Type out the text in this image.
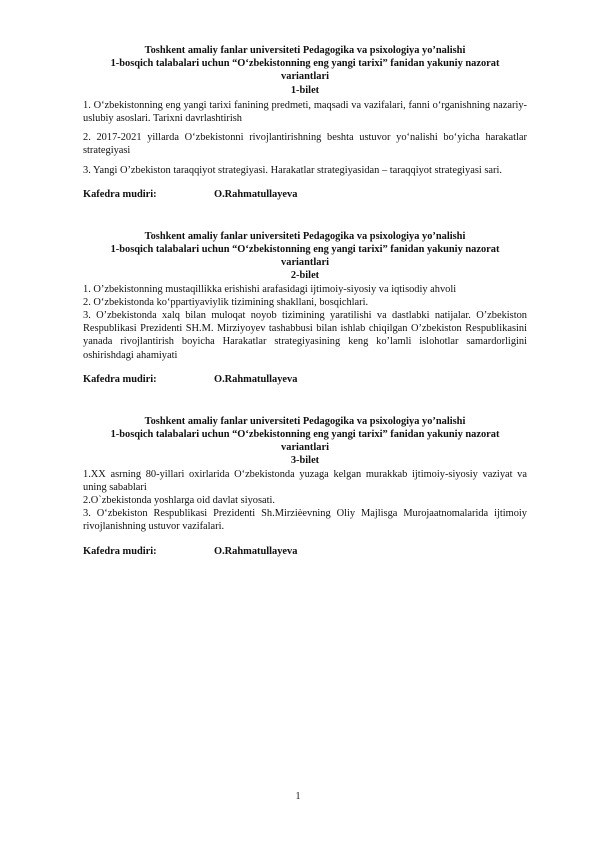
Toshkent amaliy fanlar universiteti Pedagogika va psixologiya yo’nalishi
1-bosqich talabalari uchun “O‘zbekistonning eng yangi tarixi” fanidan yakuniy nazorat
variantlari
1-bilet

1. O‘zbekistonning eng yangi tarixi fanining predmeti, maqsadi va vazifalari, fanni o‘rganishning nazariy-uslubiy asoslari. Tarixni davrlashtirish

2. 2017-2021 yillarda O‘zbekistonni rivojlantirishning beshta ustuvor yo‘nalishi bo‘yicha harakatlar strategiyasi

3. Yangi O’zbekiston taraqqiyot strategiyasi. Harakatlar strategiyasidan – taraqqiyot strategiyasi sari.

Kafedra mudiri:	O.Rahmatullayeva
Toshkent amaliy fanlar universiteti Pedagogika va psixologiya yo’nalishi
1-bosqich talabalari uchun “O‘zbekistonning eng yangi tarixi” fanidan yakuniy nazorat
variantlari
2-bilet

1. O’zbekistonning mustaqillikka erishishi arafasidagi ijtimoiy-siyosiy va iqtisodiy ahvoli

2. O‘zbekistonda ko‘ppartiyaviylik tizimining shakllani, bosqichlari.

3. O’zbekistonda xalq bilan muloqat noyob tizimining yaratilishi va dastlabki natijalar. O’zbekiston Respublikasi Prezidenti SH.M. Mirziyoyev tashabbusi bilan ishlab chiqilgan O’zbekiston Respublikasini yanada rivojlantirish boyicha Harakatlar strategiyasining keng ko’lamli islohotlar samardorligini oshirishdagi ahamiyati

Kafedra mudiri:	O.Rahmatullayeva
Toshkent amaliy fanlar universiteti Pedagogika va psixologiya yo’nalishi
1-bosqich talabalari uchun “O‘zbekistonning eng yangi tarixi” fanidan yakuniy nazorat
variantlari
3-bilet

1.XX asrning 80-yillari oxirlarida O‘zbekistonda yuzaga kelgan murakkab ijtimoiy-siyosiy vaziyat va uning sabablari

2.O`zbekistonda yoshlarga oid davlat siyosati.

3. O‘zbekiston Respublikasi Prezidenti Sh.Mirziėevning Oliy Majlisga Murojaatnomalarida ijtimoiy rivojlanishning ustuvor vazifalari.

Kafedra mudiri:	O.Rahmatullayeva
1
